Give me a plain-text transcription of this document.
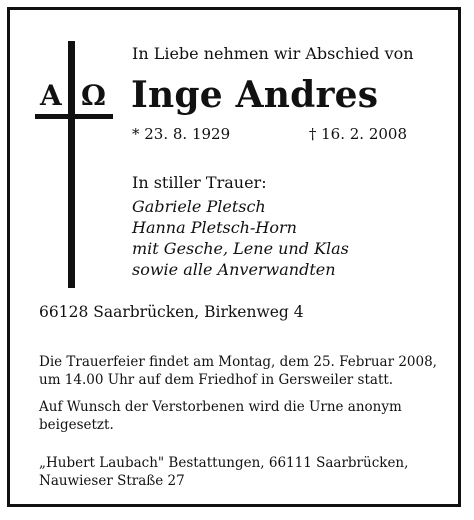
A Ω
In Liebe nehmen wir Abschied von
Inge Andres
* 23. 8. 1929	† 16. 2. 2008
In stiller Trauer:
Gabriele Pletsch
Hanna Pletsch-Horn
mit Gesche, Lene und Klas
sowie alle Anverwandten
66128 Saarbrücken, Birkenweg 4
Die Trauerfeier findet am Montag, dem 25. Februar 2008,
um 14.00 Uhr auf dem Friedhof in Gersweiler statt.
Auf Wunsch der Verstorbenen wird die Urne anonym
beigesetzt.
„Hubert Laubach" Bestattungen, 66111 Saarbrücken,
Nauwieser Straße 27
